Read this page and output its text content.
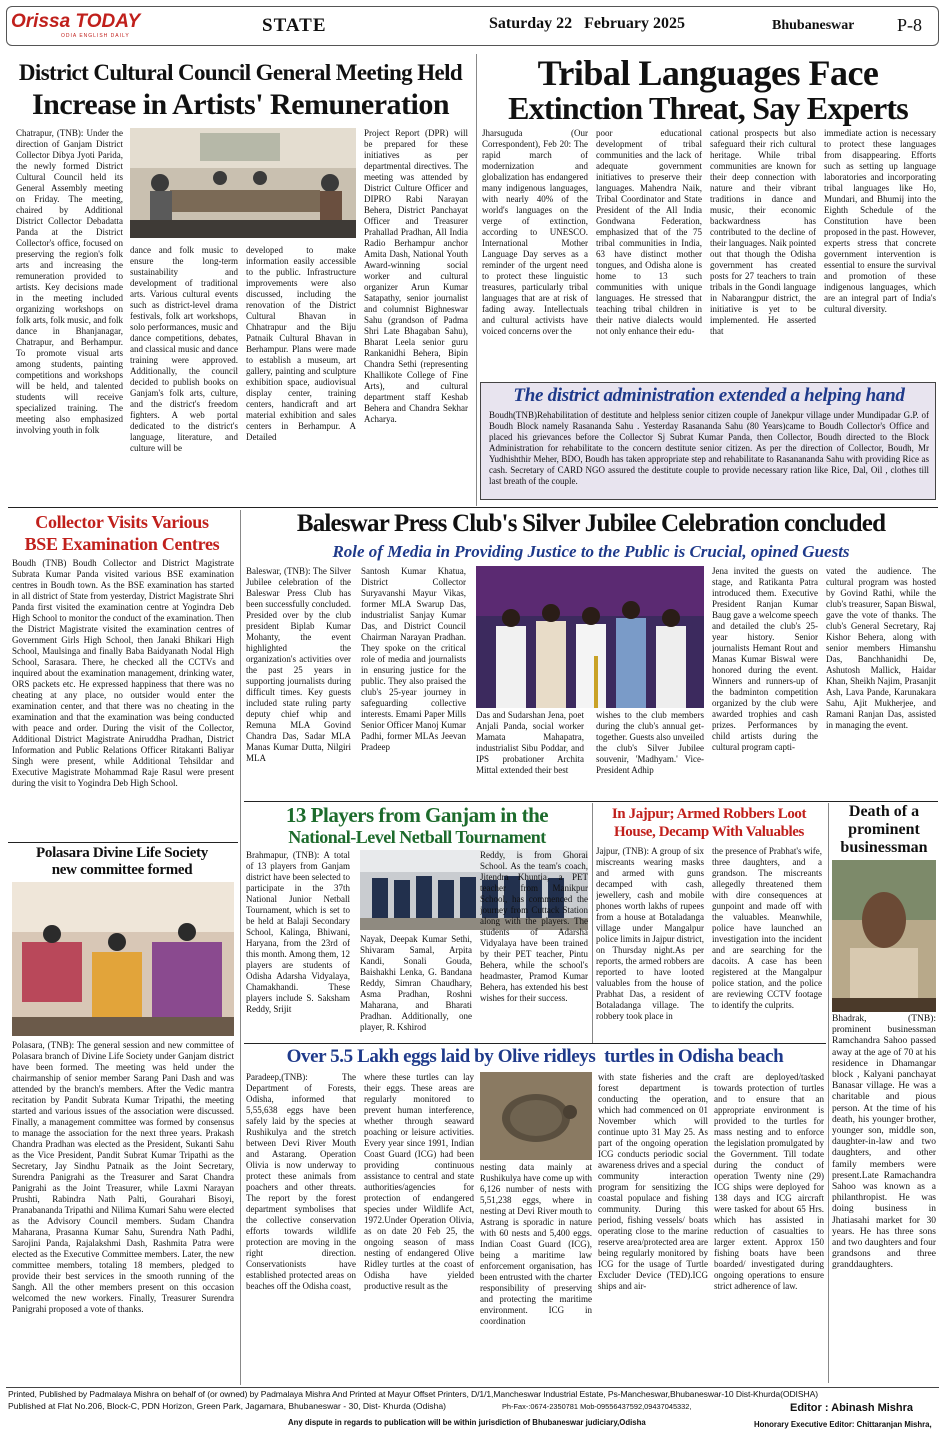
Orissa TODAY
ODIA ENGLISH DAILY	STATE	Saturday 22   February 2025	Bhubaneswar P-8
District Cultural Council General Meeting Held
Increase in Artists' Remuneration
Chatrapur, (TNB): Under the direction of Ganjam District Collector Dibya Jyoti Parida, the newly formed District Cultural Council held its General Assembly meeting on Friday. The meeting, chaired by Additional District Collector Debadatta Panda at the District Collector's office, focused on preserving the region's folk arts and increasing the remuneration provided to artists. Key decisions made in the meeting included organizing workshops on folk arts, folk music, and folk dance in Bhanjanagar, Chatrapur, and Berhampur. To promote visual arts among students, painting competitions and workshops will be held, and talented students will receive specialized training. The meeting also emphasized involving youth in folk
dance and folk music to ensure the long-term sustainability and development of traditional arts. Various cultural events such as district-level drama festivals, folk art workshops, solo performances, music and dance competitions, debates, and classical music and dance training were approved. Additionally, the council decided to publish books on Ganjam's folk arts, culture, and the district's freedom fighters. A web portal dedicated to the district's language, literature, and culture will be
developed to make information easily accessible to the public. Infrastructure improvements were also discussed, including the renovation of the District Cultural Bhavan in Chhatrapur and the Biju Patnaik Cultural Bhavan in Berhampur. Plans were made to establish a museum, art gallery, painting and sculpture exhibition space, audiovisual display center, training centers, handicraft and art material exhibition and sales centers in Berhampur. A Detailed
Project Report (DPR) will be prepared for these initiatives as per departmental directives. The meeting was attended by District Culture Officer and DIPRO Rabi Narayan Behera, District Panchayat Officer and Treasurer Prahallad Pradhan, All India Radio Berhampur anchor Amita Dash, National Youth Award-winning social worker and cultural organizer Arun Kumar Satapathy, senior journalist and columnist Bighneswar Sahu (grandson of Padma Shri Late Bhagaban Sahu), Bharat Leela senior guru Rankanidhi Behera, Bipin Chandra Sethi (representing Khallikote College of Fine Arts), and cultural department staff Keshab Behera and Chandra Sekhar Acharya.
Tribal Languages Face
Extinction Threat, Say Experts
Jharsuguda (Our Correspondent), Feb 20: The rapid march of modernization and globalization has endangered many indigenous languages, with nearly 40% of the world's languages on the verge of extinction, according to UNESCO. International Mother Language Day serves as a reminder of the urgent need to protect these linguistic treasures, particularly tribal languages that are at risk of fading away. Intellectuals and cultural activists have voiced concerns over the
poor educational development of tribal communities and the lack of adequate government initiatives to preserve their languages. Mahendra Naik, Tribal Coordinator and State President of the All India Gondwana Federation, emphasized that of the 75 tribal communities in India, 63 have distinct mother tongues, and Odisha alone is home to 13 such communities with unique languages. He stressed that teaching tribal children in their native dialects would not only enhance their edu-
cational prospects but also safeguard their rich cultural heritage. While tribal communities are known for their deep connection with nature and their vibrant traditions in dance and music, their economic backwardness has contributed to the decline of their languages. Naik pointed out that though the Odisha government has created posts for 27 teachers to train tribals in the Gondi language in Nabarangpur district, the initiative is yet to be implemented. He asserted that
immediate action is necessary to protect these languages from disappearing. Efforts such as setting up language laboratories and incorporating tribal languages like Ho, Mundari, and Bhumij into the Eighth Schedule of the Constitution have been proposed in the past. However, experts stress that concrete government intervention is essential to ensure the survival and promotion of these indigenous languages, which are an integral part of India's cultural diversity.
The district administration extended a helping hand
Boudh(TNB)Rehabilitation of destitute and helpless senior citizen couple of Janekpur village under Mundipadar G.P. of Boudh Block namely Rasananda Sahu . Yesterday Rasananda Sahu (80 Years)came to Boudh Collector's Office and placed his grievances before the Collector Sj Subrat Kumar Panda, then Collector, Boudh directed to the Block Administration for rehabilitate to the concern destitute senior citizen. As per the direction of Collector, Boudh, Mr Yudhishthir Meher, BDO, Boudh has taken appropriate step and rehabilitate to Rasanananda Sahu with providing Rice as cash. Secretary of CARD NGO assured the destitute couple to provide necessary ration like Rice, Dal, Oil , clothes till last breath of the couple.
Collector Visits Various
BSE Examination Centres
Boudh (TNB) Boudh Collector and District Magistrate Subrata Kumar Panda visited various BSE examination centres in Boudh town. As the BSE examination has started in all district of State from yesterday, District Magistrate Shri Panda first visited the examination centre at Yogindra Deb High School to monitor the conduct of the examination. Then the District Magistrate visited the examination centres of Government Girls High School, then Janaki Bhikari High School, Maulsinga and finally Baba Baidyanath Nodal High School, Sarasara. There, he checked all the CCTVs and inquired about the examination management, drinking water, ORS packets etc. He expressed happiness that there was no cheating at any place, no outsider would enter the examination center, and that there was no cheating in the examination and that the examination was being conducted with peace and order. During the visit of the Collector, Additional District Magistrate Aniruddha Pradhan, District Information and Public Relations Officer Ritakanti Baliyar Singh were present, while Additional Tehsildar and Executive Magistrate Mohammad Raje Rasul were present during the visit to Yogindra Deb High School.
Polasara Divine Life Society
new committee formed
Polasara, (TNB): The general session and new committee of Polasara branch of Divine Life Society under Ganjam district have been formed. The meeting was held under the chairmanship of senior member Sarang Pani Dash and was attended by the branch's members. After the Vedic mantra recitation by Pandit Subrata Kumar Tripathi, the meeting started and various issues of the association were discussed. Finally, a management committee was formed by consensus to manage the association for the next three years. Prakash Chandra Pradhan was elected as the President, Sukanti Sahu as the Vice President, Pandit Subrat Kumar Tripathi as the Secretary, Jay Sindhu Patnaik as the Joint Secretary, Surendra Panigrahi as the Treasurer and Sarat Chandra Panigrahi as the Joint Treasurer, while Laxmi Narayan Prushti, Rabindra Nath Palti, Gourahari Bisoyi, Pranabananda Tripathi and Nilima Kumari Sahu were elected as the Advisory Council members. Sudam Chandra Maharana, Prasanna Kumar Sahu, Surendra Nath Padhi, Sarojini Panda, Rajalakshmi Dash, Rashmita Patra were elected as the Executive Committee members. Later, the new committee members, totaling 18 members, pledged to provide their best services in the smooth running of the Sangh. All the other members present on this occasion welcomed the new workers. Finally, Treasurer Surendra Panigrahi proposed a vote of thanks.
Baleswar Press Club's Silver Jubilee Celebration concluded
Role of Media in Providing Justice to the Public is Crucial, opined Guests
Baleswar, (TNB): The Silver Jubilee celebration of the Baleswar Press Club has been successfully concluded. Presided over by the club president Biplab Kumar Mohanty, the event highlighted the organization's activities over the past 25 years in supporting journalists during difficult times. Key guests included state ruling party deputy chief whip and Remuna MLA Govind Chandra Das, Sadar MLA Manas Kumar Dutta, Nilgiri MLA
Santosh Kumar Khatua, District Collector Suryavanshi Mayur Vikas, former MLA Swarup Das, industrialist Sanjay Kumar Das, and District Council Chairman Narayan Pradhan. They spoke on the critical role of media and journalists in ensuring justice for the public. They also praised the club's 25-year journey in safeguarding collective interests. Emami Paper Mills Senior Officer Manoj Kumar Padhi, former MLAs Jeevan Pradeep
Das and Sudarshan Jena, poet Anjali Panda, social worker Mamata Mahapatra, industrialist Sibu Poddar, and IPS probationer Archita Mittal extended their best
wishes to the club members during the club's annual get-together. Guests also unveiled the club's Silver Jubilee souvenir, 'Madhyam.' Vice-President Adhip
Jena invited the guests on stage, and Ratikanta Patra introduced them. Executive President Ranjan Kumar Baug gave a welcome speech and detailed the club's 25-year history. Senior journalists Hemant Rout and Manas Kumar Biswal were honored during the event. Winners and runners-up of the badminton competition organized by the club were awarded trophies and cash prizes. Performances by child artists during the cultural program capti-
vated the audience. The cultural program was hosted by Govind Rathi, while the club's treasurer, Sapan Biswal, gave the vote of thanks. The club's General Secretary, Raj Kishor Behera, along with senior members Himanshu Das, Banchhanidhi De, Ashutosh Mallick, Haidar Khan, Sheikh Najim, Prasanjit Ash, Lava Pande, Karunakara Sahu, Ajit Mukherjee, and Ramani Ranjan Das, assisted in managing the event.
13 Players from Ganjam in the
National-Level Netball Tournament
Brahmapur, (TNB): A total of 13 players from Ganjam district have been selected to participate in the 37th National Junior Netball Tournament, which is set to be held at Balaji Secondary School, Kalinga, Bhiwani, Haryana, from the 23rd of this month. Among them, 12 players are students of Odisha Adarsha Vidyalaya, Chamakhandi. These players include S. Saksham Reddy, Srijit
Nayak, Deepak Kumar Sethi, Shivaram Samal, Arpita Kandi, Sonali Gouda, Baishakhi Lenka, G. Bandana Reddy, Simran Chaudhary, Asma Pradhan, Roshni Maharana, and Bharati Pradhan. Additionally, one player, R. Kshirod
Reddy, is from Ghorai School. As the team's coach, Jitendra Khuntia, a PET teacher from Manikpur School, has commenced the journey from Cuttack Station along with the players. The students of Adarsha Vidyalaya have been trained by their PET teacher, Pintu Behera, while the school's headmaster, Pramod Kumar Behera, has extended his best wishes for their success.
In Jajpur; Armed Robbers Loot
House, Decamp With Valuables
Jajpur, (TNB): A group of six miscreants wearing masks and armed with guns decamped with cash, jewellery, cash and mobile phones worth lakhs of rupees from a house at Botaladanga village under Mangalpur police limits in Jajpur district, on Thursday night.As per reports, the armed robbers are reported to have looted valuables from the house of Prabhat Das, a resident of Botaladanga village. The robbery took place in
the presence of Prabhat's wife, three daughters, and a grandson. The miscreants allegedly threatened them with dire consequences at gunpoint and made off with the valuables. Meanwhile, police have launched an investigation into the incident and are searching for the dacoits. A case has been registered at the Mangalpur police station, and the police are reviewing CCTV footage to identify the culprits.
Death of a
prominent
businessman
Bhadrak, (TNB): prominent businessman Ramchandra Sahoo passed away at the age of 70 at his residence in Dhamangar block , Kalyani panchayat Banasar village. He was a charitable and pious person. At the time of his death, his younger brother, younger son, middle son, daughter-in-law and two daughters, and other family members were present.Late Ramachandra Sahoo was known as a philanthropist. He was doing business in Jhatiasahi market for 30 years. He has three sons and two daughters and four grandsons and three granddaughters.
Over 5.5 Lakh eggs laid by Olive ridleys  turtles in Odisha beach
Paradeep,(TNB): The Department of Forests, Odisha, informed that 5,55,638 eggs have been safely laid by the species at Rushikulya and the stretch between Devi River Mouth and Astarang. Operation Olivia is now underway to protect these animals from poachers and other threats. The report by the forest department symbolises that the collective conservation efforts towards wildlife protection are moving in the right direction. Conservationists have established protected areas on beaches off the Odisha coast,
where these turtles can lay their eggs. These areas are regularly monitored to prevent human interference, whether through seaward poaching or leisure activities. Every year since 1991, Indian Coast Guard (ICG) had been providing continuous assistance to central and state authorities/agencies for protection of endangered species under Wildlife Act, 1972.Under Operation Olivia, as on date 20 Feb 25, the ongoing season of mass nesting of endangered Olive Ridley turtles at the coast of Odisha have yielded productive result as the
nesting data mainly at Rushikulya have come up with 6,126 number of nests with 5,51,238 eggs, where in nesting at Devi River mouth to Astrang is sporadic in nature with 60 nests and 5,400 eggs. Indian Coast Guard (ICG), being a maritime law enforcement organisation, has been entrusted with the charter responsibility of preserving and protecting the maritime environment. ICG in coordination
with state fisheries and the forest department is conducting the operation, which had commenced on 01 November which will continue upto 31 May 25. As part of the ongoing operation ICG conducts periodic social awareness drives and a special community interaction program for sensitizing the coastal populace and fishing community. During this period, fishing vessels/ boats operating close to the marine reserve area/protected area are being regularly monitored by ICG for the usage of Turtle Excluder Device (TED).ICG ships and air-
craft are deployed/tasked towards protection of turtles and to ensure that an appropriate environment is provided to the turtles for mass nesting and to enforce the legislation promulgated by the Government. Till todate during the conduct of operation Twenty nine (29) ICG ships were deployed for 138 days and ICG aircraft were tasked for about 65 Hrs. which has assisted in reduction of casualties to larger extent. Approx 150 fishing boats have been boarded/ investigated during ongoing operations to ensure strict adherence of law.
Printed, Published by Padmalaya Mishra on behalf of (or owned) by Padmalaya Mishra And Printed at Mayur Offset Printers, D/1/1,Mancheswar Industrial Estate, Ps-Mancheswar,Bhubaneswar-10 Dist-Khurda(ODISHA)
Published at Flat No.206, Block-C, PDN Horizon, Green Park, Jagamara, Bhubaneswar - 30, Dist- Khurda (Odisha)	Ph-Fax-:0674-2350781 Mob-09556437592,09437045332,	Editor : Abinash Mishra
Any dispute in regards to publication will be within jurisdiction of Bhubaneswar judiciary,Odisha	Honorary Executive Editor: Chittaranjan Mishra,
